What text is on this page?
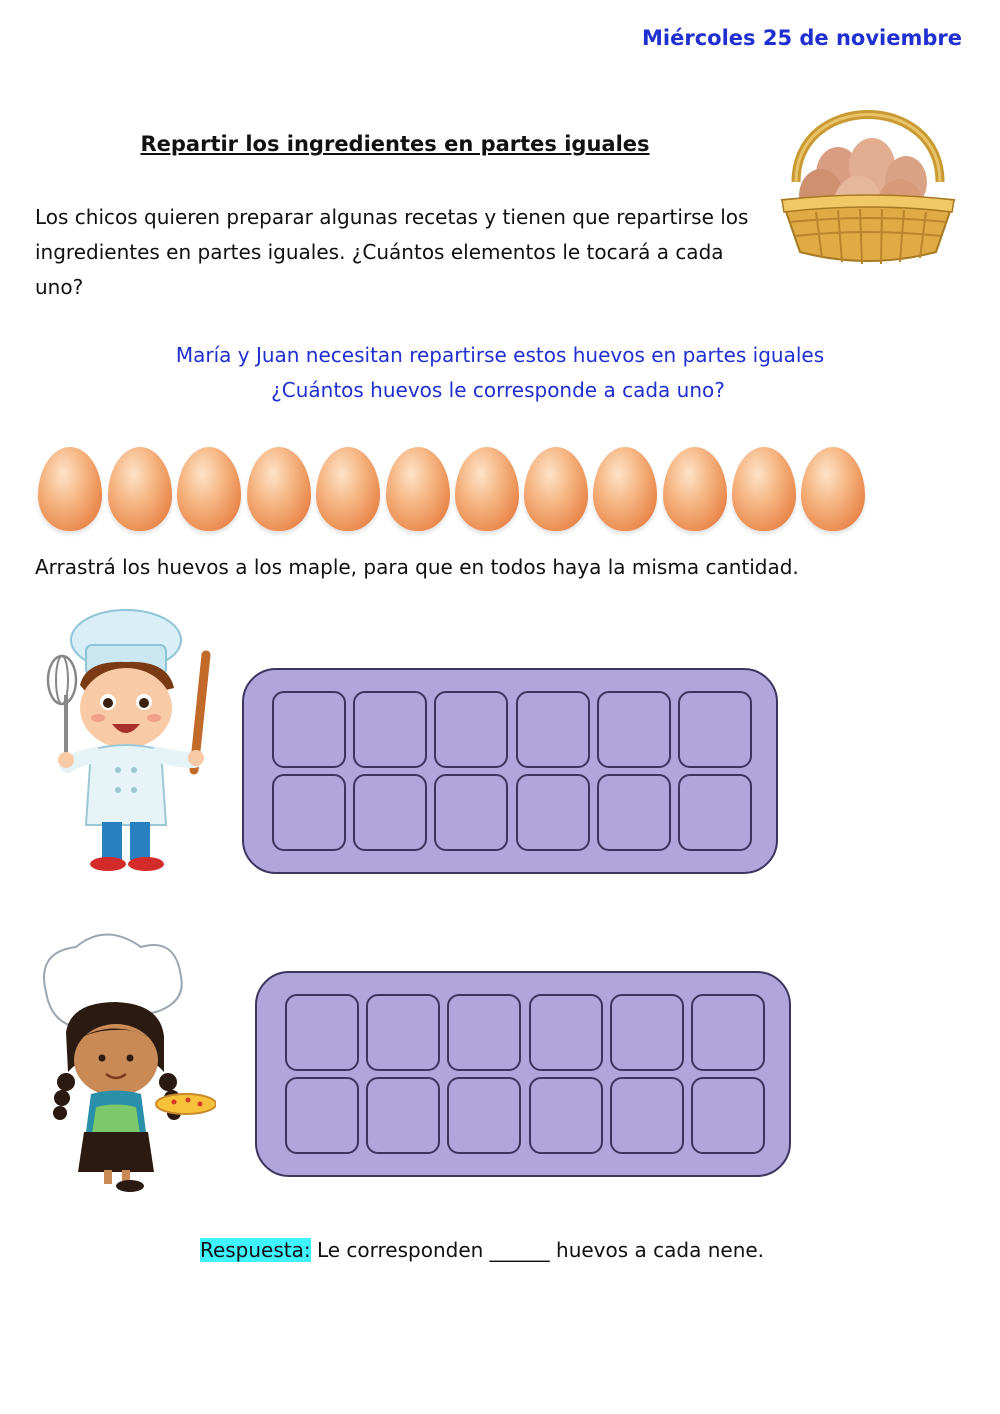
Miércoles 25 de noviembre
Repartir los ingredientes en partes iguales
Los chicos quieren preparar algunas recetas y tienen que repartirse los ingredientes en partes iguales. ¿Cuántos elementos le tocará a cada uno?
María y Juan necesitan repartirse estos huevos en partes iguales
¿Cuántos huevos le corresponde a cada uno?
Arrastrá los huevos a los maple, para que en todos haya la misma cantidad.
Respuesta: Le corresponden ______ huevos a cada nene.
